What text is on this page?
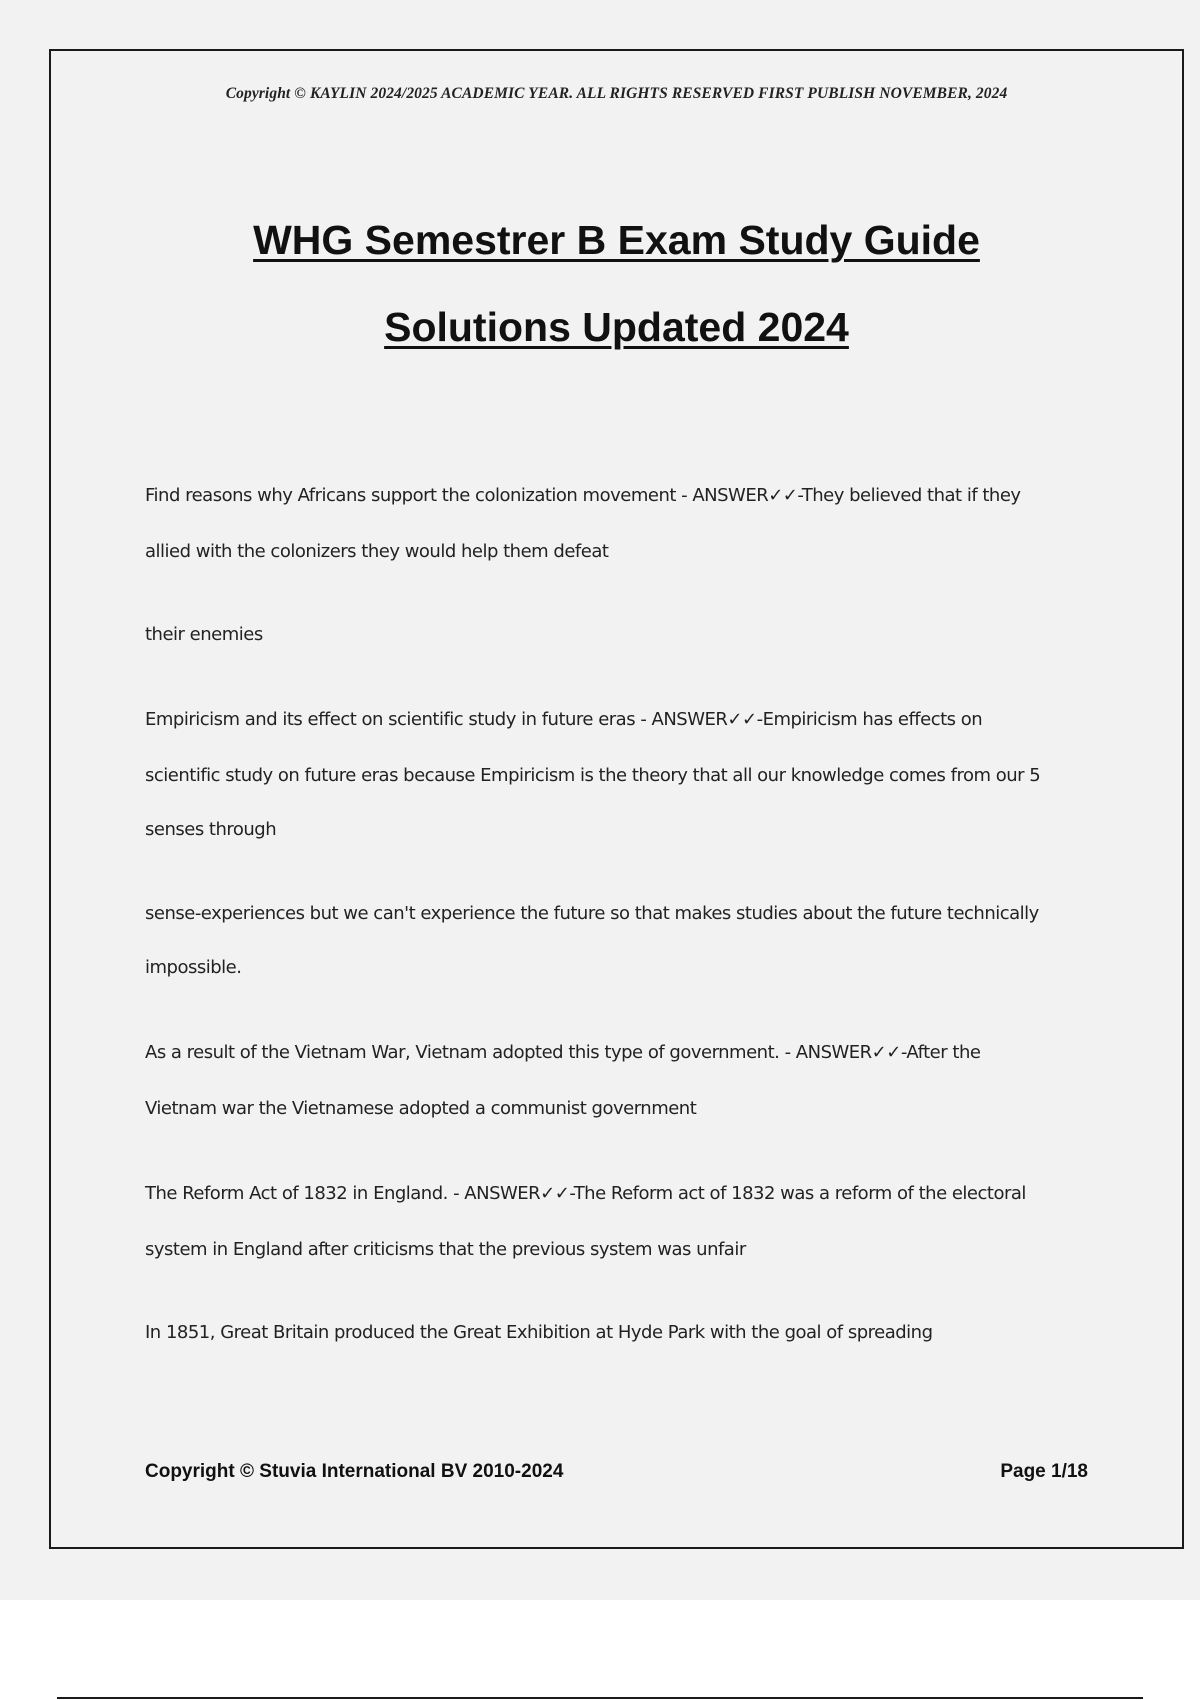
Copyright © KAYLIN 2024/2025 ACADEMIC YEAR. ALL RIGHTS RESERVED FIRST PUBLISH NOVEMBER, 2024
WHG Semestrer B Exam Study Guide
Solutions Updated 2024
Find reasons why Africans support the colonization movement - ANSWER✓✓-They believed that if they
allied with the colonizers they would help them defeat
their enemies
Empiricism and its effect on scientific study in future eras - ANSWER✓✓-Empiricism has effects on
scientific study on future eras because Empiricism is the theory that all our knowledge comes from our 5
senses through
sense-experiences but we can't experience the future so that makes studies about the future technically
impossible.
As a result of the Vietnam War, Vietnam adopted this type of government. - ANSWER✓✓-After the
Vietnam war the Vietnamese adopted a communist government
The Reform Act of 1832 in England. - ANSWER✓✓-The Reform act of 1832 was a reform of the electoral
system in England after criticisms that the previous system was unfair
In 1851, Great Britain produced the Great Exhibition at Hyde Park with the goal of spreading
Copyright © Stuvia International BV 2010-2024	Page 1/18
